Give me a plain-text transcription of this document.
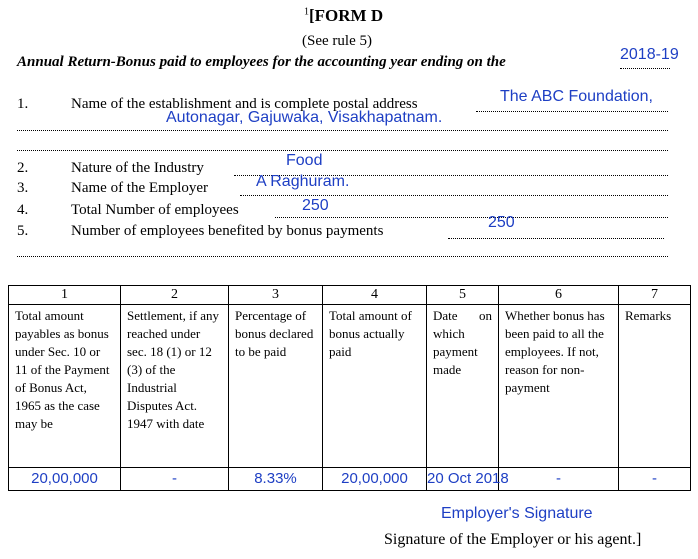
$^1$[FORM D
(See rule 5)
Annual Return-Bonus paid to employees for the accounting year ending on the	2018-19
1.	Name of the establishment and is complete postal address	The ABC Foundation,
Autonagar, Gajuwaka, Visakhapatnam.
2.	Nature of the Industry	Food
3.	Name of the Employer	A Raghuram.
4.	Total Number of employees	250
5.	Number of employees benefited by bonus payments	250
1	2	3	4	5	6	7
Total amount payables as bonus under Sec. 10 or 11 of the Payment of Bonus Act, 1965 as the case may be	Settlement, if any reached under sec. 18 (1) or 12 (3) of the Industrial Disputes Act. 1947 with date	Percentage of bonus declared to be paid	Total amount of bonus actually paid	Date on which payment made	Whether bonus has been paid to all the employees. If not, reason for non-payment	Remarks
20,00,000	-	8.33%	20,00,000	20 Oct 2018	-	-
Employer's Signature
Signature of the Employer or his agent.]
